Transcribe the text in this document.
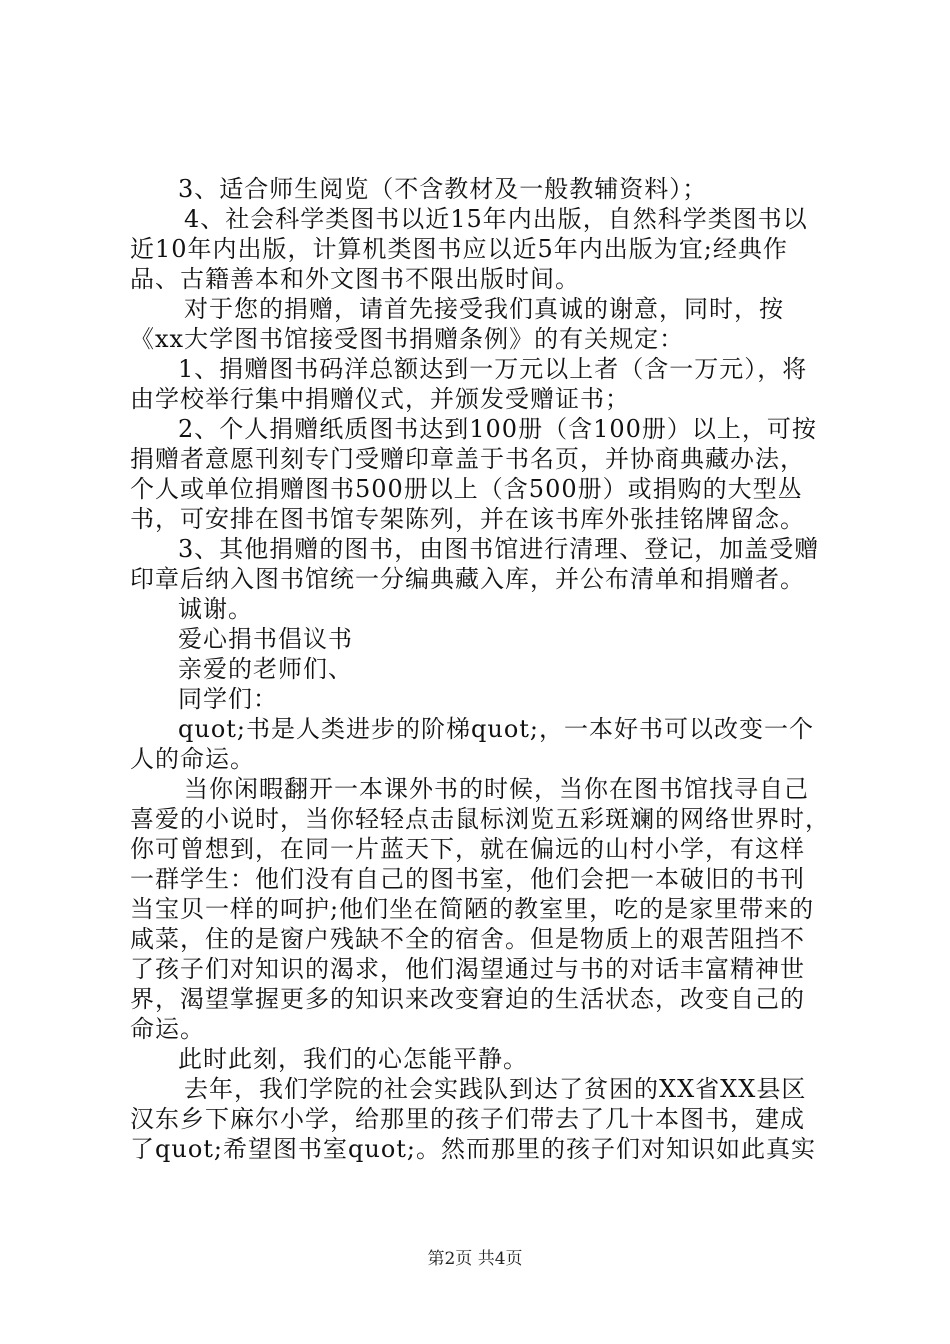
3、适合师生阅览（不含教材及一般教辅资料）；
4、社会科学类图书以近15年内出版，自然科学类图书以
近10年内出版，计算机类图书应以近5年内出版为宜;经典作
品、古籍善本和外文图书不限出版时间。
对于您的捐赠，请首先接受我们真诚的谢意，同时，按
《xx大学图书馆接受图书捐赠条例》的有关规定：
1、捐赠图书码洋总额达到一万元以上者（含一万元），将
由学校举行集中捐赠仪式，并颁发受赠证书；
2、个人捐赠纸质图书达到100册（含100册）以上，可按
捐赠者意愿刊刻专门受赠印章盖于书名页，并协商典藏办法，
个人或单位捐赠图书500册以上（含500册）或捐购的大型丛
书，可安排在图书馆专架陈列，并在该书库外张挂铭牌留念。
3、其他捐赠的图书，由图书馆进行清理、登记，加盖受赠
印章后纳入图书馆统一分编典藏入库，并公布清单和捐赠者。
诚谢。
爱心捐书倡议书
亲爱的老师们、
同学们：
quot;书是人类进步的阶梯quot;，一本好书可以改变一个
人的命运。
当你闲暇翻开一本课外书的时候，当你在图书馆找寻自己
喜爱的小说时，当你轻轻点击鼠标浏览五彩斑斓的网络世界时，
你可曾想到，在同一片蓝天下，就在偏远的山村小学，有这样
一群学生：他们没有自己的图书室，他们会把一本破旧的书刊
当宝贝一样的呵护;他们坐在简陋的教室里，吃的是家里带来的
咸菜，住的是窗户残缺不全的宿舍。但是物质上的艰苦阻挡不
了孩子们对知识的渴求，他们渴望通过与书的对话丰富精神世
界，渴望掌握更多的知识来改变窘迫的生活状态，改变自己的
命运。
此时此刻，我们的心怎能平静。
去年，我们学院的社会实践队到达了贫困的XX省XX县区
汉东乡下麻尔小学，给那里的孩子们带去了几十本图书，建成
了quot;希望图书室quot;。然而那里的孩子们对知识如此真实
第2页 共4页
